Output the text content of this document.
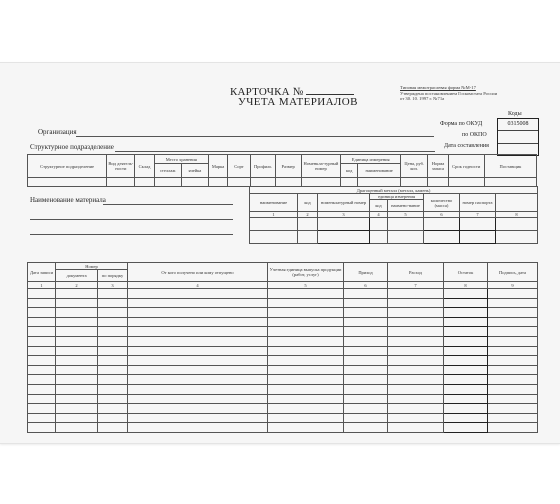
КАРТОЧКА №
УЧЕТА МАТЕРИАЛОВ
Типовая межотраслевая форма №М-17
Утверждена постановлением Госкомстата России
от 30. 10. 1997 г. №71а
Коды
0315008
Форма по ОКУД
по ОКПО
Дата составления
Организация
Структурное подразделение
Структурное подразделение	Вид деятель-ности	Склад	Место хранения		Марка	Сорт	Профиль	Размер	Номенкла-турный номер	Единица измерения		Цена, руб. коп.	Норма запаса	Срок годности	Поставщик
			стеллаж	ячейка						код	наименование				

Наименование материала
Драгоценный металл (металл, камень)							
наименование	код	номенклатурный номер	единица измерения		количество (масса)	номер паспорта	
			код	наимено-вание			
1	2	3	4	5	6	7	8

Дата записи	Номер		От кого получено или кому отпущено	Учетная единица выпуска продукции (работ, услуг)	Приход	Расход	Остаток	Подпись, дата
	документа	по порядку						
1	2	3	4	5	6	7	8	9
